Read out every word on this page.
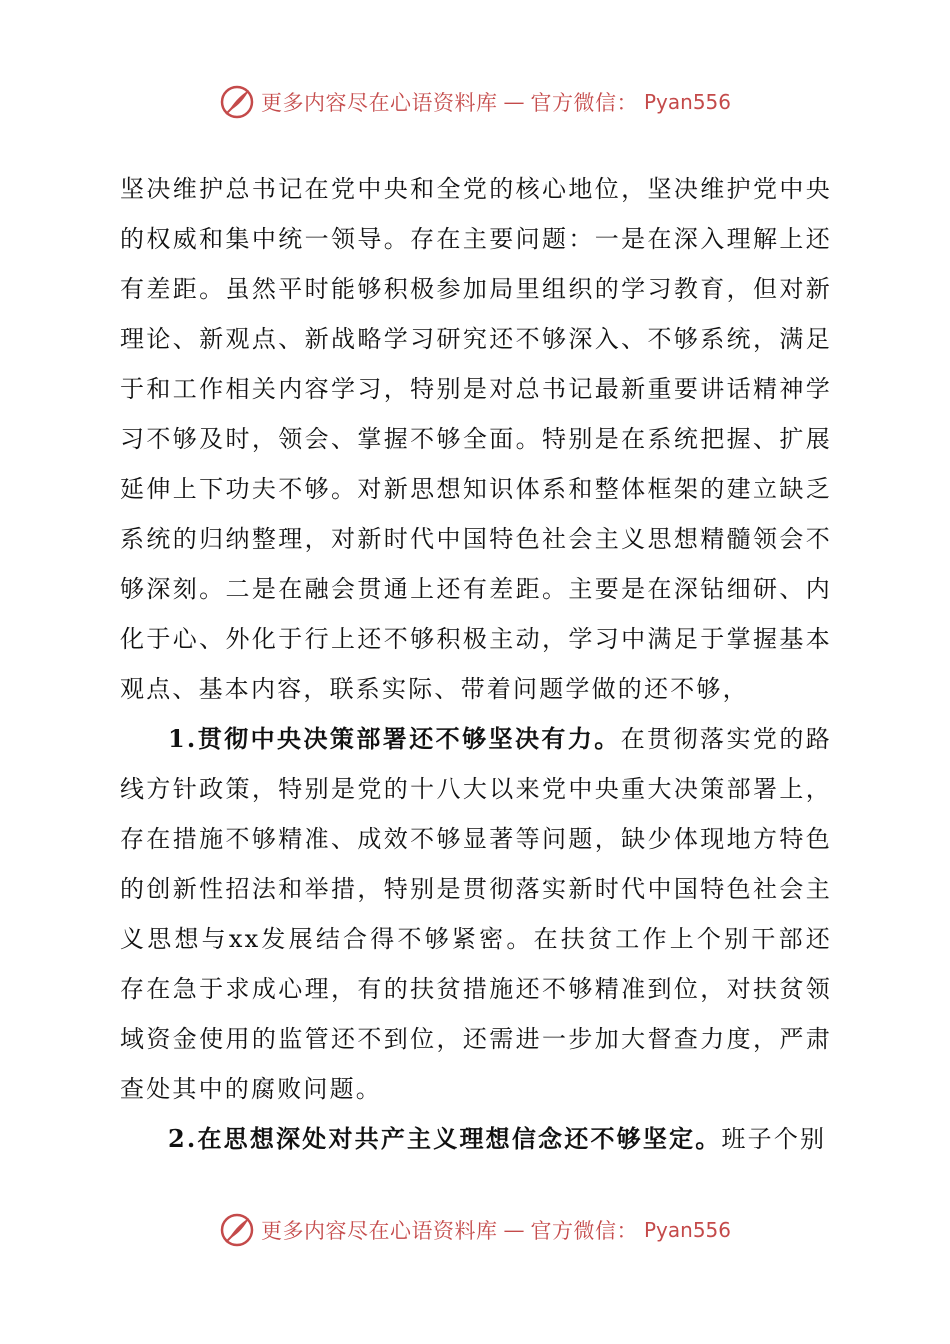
更多内容尽在心语资料库 — 官方微信： Pyan556

坚决维护总书记在党中央和全党的核心地位，坚决维护党中央的权威和集中统一领导。存在主要问题：一是在深入理解上还有差距。虽然平时能够积极参加局里组织的学习教育，但对新理论、新观点、新战略学习研究还不够深入、不够系统，满足于和工作相关内容学习，特别是对总书记最新重要讲话精神学习不够及时，领会、掌握不够全面。特别是在系统把握、扩展延伸上下功夫不够。对新思想知识体系和整体框架的建立缺乏系统的归纳整理，对新时代中国特色社会主义思想精髓领会不够深刻。二是在融会贯通上还有差距。主要是在深钻细研、内化于心、外化于行上还不够积极主动，学习中满足于掌握基本观点、基本内容，联系实际、带着问题学做的还不够，

1.贯彻中央决策部署还不够坚决有力。在贯彻落实党的路线方针政策，特别是党的十八大以来党中央重大决策部署上，存在措施不够精准、成效不够显著等问题，缺少体现地方特色的创新性招法和举措，特别是贯彻落实新时代中国特色社会主义思想与xx发展结合得不够紧密。在扶贫工作上个别干部还存在急于求成心理，有的扶贫措施还不够精准到位，对扶贫领域资金使用的监管还不到位，还需进一步加大督查力度，严肃查处其中的腐败问题。

2.在思想深处对共产主义理想信念还不够坚定。班子个别

更多内容尽在心语资料库 — 官方微信： Pyan556
